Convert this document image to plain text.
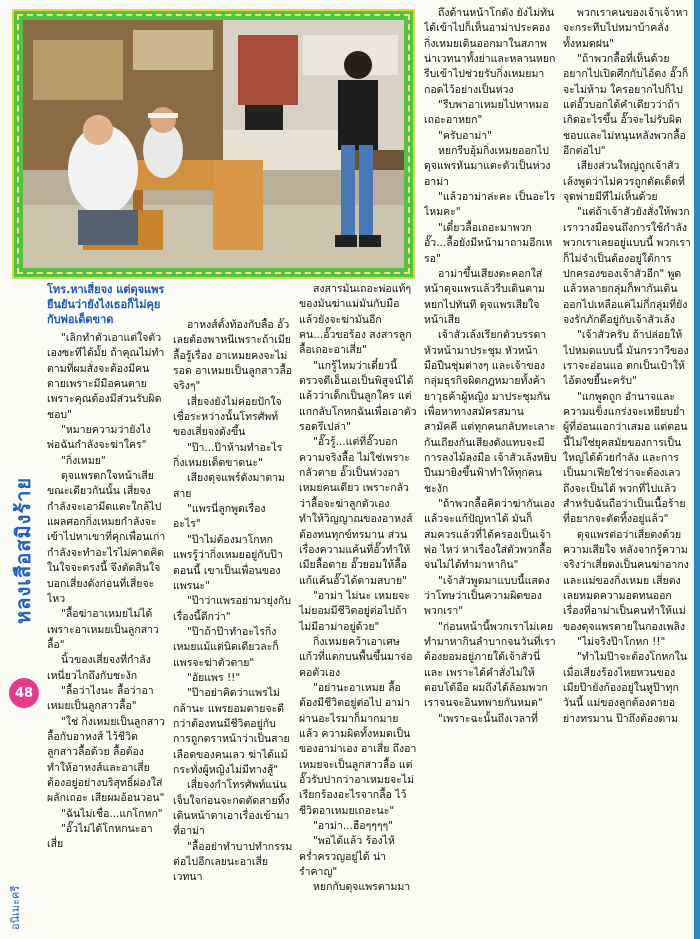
หลงเสือสมิงร้าย
48
อนิเมะครี
โทร.หาเสี่ยจง แต่ดุจแพรยืนยันว่ายังไงเธอก็ไม่คุยกับพ่อเด็ดขาด

"เลิกทำตัวเอาแต่ใจตัวเองซะทีได้มั้ย ถ้าคุณไม่ทำตามที่ผมสั่งจะต้องมีคนตายเพราะมีมือคนตายเพราะคุณต้องมีส่วนรับผิดชอบ"

"หมายความว่ายังไง พ่อฉันกำลังจะฆ่าใคร"

"กิ่งเหมย"

ดุจแพรตกใจหน้าเสียขณะเดียวกันนั้น เสี่ยจงกำลังจะเอามีดแตะใกล้ไปแผลศอกกิ่งเหมยกำลังจะเข้าไปหาเขาที่คุกเพื่อนเก่า กำลังจะทำอะไรไม่คาดคิด ในใจจะตรงนี้ จึงตัดสินใจ บอกเสี่ยงดังก่อนที่เสี่ยจะไหว

"ลื้อฆ่าอาเหมยไม่ได้เพราะอาเหมยเป็นลูกสาวลื้อ"

นิ้วของเสี่ยจงที่กำลังเหนี่ยวไกถึงกับชะงัก

"ลื้อว่าไงนะ ลื้อว่าอาเหมยเป็นลูกสาวลื้อ"

"ใช่ กิ่งเหมยเป็นลูกสาวลื้อกับอาหงส์ ไว้ชีวิตลูกสาวลื้อด้วย ลื้อต้องทำให้อาหงส์และอาเสี่ยต้องอยู่อย่างบริสุทธิ์ผ่องใส่ผลักเถอะ เสียผมอ้อนวอน"

"ฉันไม่เชื่อ...แกโกหก"

"อั๊วไม่ได้โกหกนะอาเสี่ย

อาหงส์ตั้งท้องกับลื้อ อั๊วเลยต้องพาหนีเพราะถ้าเมียลื้อรู้เรื่อง อาเหมยคงจะไม่รอด อาเหมยเป็นลูกสาวลื้อจริงๆ"

เสี่ยจงยังไม่ค่อยปักใจเชื่อระหว่างนั้นโทรศัพท์ของเสี่ยจงดังขึ้น

"ป๊า...ป๊าห้ามทำอะไรกิ่งเหมยเด็ดขาดนะ"

เสียงดุจแพร์ดังมาตามสาย

"แพรนี่ลูกพูดเรื่องอะไร"

"ป๊าไม่ต้องมาโกหก แพรรู้ว่ากิ่งเหมยอยู่กับป๊าตอนนี้ เขาเป็นเพื่อนของแพรนะ"

"ป๊าว่าแพรอย่ามายุ่งกับเรื่องนี้ดีกว่า"

"ป๊าถ้าป๊าทำอะไรกิ่งเหมยแม้แต่นิดเดียวละก็ แพรจะฆ่าตัวตาย"

"อัยแพร !!"

"ป๊าอย่าคิดว่าแพรไม่กล้านะ แพรยอมตายจะดีกว่าต้องทนมีชีวิตอยู่กับการถูกตราหน้าว่าเป็นสายเลือดของคนเลว ฆ่าได้แม้กระทั่งผู้หญิงไม่มีทางสู้"

เสี่ยจงกำโทรศัพท์แน่นเจ็บใจก่อนจะกดตัดสายทิ้งเดินหน้าตาเอาเรื่องเข้ามาที่อาม่า

"ลื้ออย่าทำบาปทำกรรมต่อไปอีกเลยนะอาเสี่ย เวทนา

สงสารมันเถอะพ่อแท้ๆของมันฆ่าแม่มันกับมือ แล้วยังจะฆ่ามันอีกคน...อั๊วขอร้อง สงสารลูกลื้อเถอะอาเสี่ย"

"แกรู้ไหมว่าเดี๋ยวนี้ตรวจดีเอ็นเอเป็นพิสูจน์ได้แล้วว่าเด็กเป็นลูกใคร แต่แกกลับโกหกฉันเพื่อเอาตัวรอดรึเปล่า"

"อั๊วรู้...แต่ที่อั๊วบอกความจริงลื้อ ไม่ใช่เพราะกลัวตาย อั๊วเป็นห่วงอาเหมยคนเดียว เพราะกลัวว่าลื้อจะฆ่าลูกตัวเอง ทำให้วิญญาณของอาหงส์ต้องทนทุกข์ทรมาน ส่วนเรื่องความแค้นที่อั๊วทำให้เมียลื้อตาย อั๊วยอมให้ลื้อแก้แค้นอั๊วได้ตามสบาย"

"อาม่า ไม่นะ เหมยจะไม่ยอมมีชีวิตอยู่ต่อไปถ้าไม่มีอาม่าอยู่ด้วย"

กิ่งเหมยคว้าเอาเศษแก้วที่แตกบนพื้นขึ้นมาจ่อคอตัวเอง

"อย่านะอาเหมย ลื้อต้องมีชีวิตอยู่ต่อไป อาม่าผ่านอะไรมาก็มากมายแล้ว ความผิดทั้งหมดเป็นของอาม่าเอง อาเสี่ย ถึงอาเหมยจะเป็นลูกสาวลื้อ แต่อั๊วรับปากว่าอาเหมยจะไม่เรียกร้องอะไรจากลื้อ ไว้ชีวิตอาเหมยเถอะนะ"

"อาม่า...ฮือๆๆๆๆ"

"พอได้แล้ว ร้องไห้คร่ำครวญอยู่ได้ น่ารำคาญ"

หยกกับดุจแพรตามมา

ถึงด้านหน้าโกดัง ยังไม่ทันได้เข้าไปก็เห็นอาม่าประคองกิ่งเหมยเดินออกมาในสภาพน่าเวทนาทั้งย่าและหลานหยกรีบเข้าไปช่วยรับกิ่งเหมยมากอดไว้อย่างเป็นห่วง

"รีบพาอาเหมยไปหาหมอเถอะอาหยก"

"ครับอาม่า"

หยกรีบอุ้มกิ่งเหมยออกไป ดุจแพรหันมาแตะตัวเป็นห่วงอาม่า

"แล้วอาม่าล่ะคะ เป็นอะไรไหมคะ"

"เดี๋ยวลื้อเถอะมาพวกอั๊ว...ลื้อยังมีหน้ามาถามอีกเหรอ"

อาม่าขึ้นเสียงตะคอกใส่หน้าดุจแพรแล้วรีบเดินตามหยกไปทันที ดุจแพรเสียใจหน้าเสีย

เจ้าสัวเล้งเรียกตัวบรรดาหัวหน้ามาประชุม หัวหน้ามือปืนชุ่มต่างๆ และเจ้าของกลุ่มธุรกิจผิดกฎหมายทั้งค้ายาวุธค้าผู้หญิง มาประชุมกันเพื่อหาทางสมัครสมานสามัคคี แต่ทุกคนกลับทะเลาะกันเถียงกันเสียงดังแทบจะมีการลงไม้ลงมือ เจ้าสัวเล้งหยิบปืนมายิงขึ้นฟ้าทำให้ทุกคนชะงัก

"ถ้าพวกลื้อคิดว่าฆ่ากันเองแล้วจะแก้ปัญหาได้ มันก็สมควรแล้วที่ได้ครองเป็นเจ้าพ่อ ไหว่ หาเรื่องใส่ตัวพวกลื้อจนไม่ได้ทำมาหากิน"

"เจ้าสัวพูดมาแบบนี้แสดงว่าโทษว่าเป็นความผิดของพวกเรา"

"ก่อนหน้านี้พวกเราไม่เคยทำมาหากินลำบากจนวันที่เราต้องยอมอยู่ภายใต้เจ้าสัวนี่และ เพราะได้คำสั่งไม่ให้ตอบโต้อือ ผมถึงได้ล้อมพวกเราจนจะอินทพายกันหมด"

"เพราะฉะนั้นถึงเวลาที่

พวกเราคนของเจ้าเจ้าหาจะกระทีบไปหมาบ้าคลั่งทั้งหมดฝน"

"ถ้าพวกลื้อที่เห็นด้วยอยากไปเปิดศึกกับไอ้ตง อั๊วก็จะไม่ห้าม ใครอยากไปก็ไปแต่อั๊วบอกได้คำเดียวว่าถ้าเกิดอะไรขึ้น อั๊วจะไม่รับผิดชอบและไม่หนุนหลังพวกลื้ออีกต่อไป"

เสียงส่วนใหญ่ถูกเจ้าสัวเล้งพูดว่าไม่ควรถูกตัดเด็ดที่จุดพ่ายมีทีไม่เห็นด้วย

"แต่ถ้าเจ้าสัวยังสั่งให้พวกเราวางมือจนถึงการใช้กำลังพวกเราเลยอยู่แบบนี้ พวกเรา ก็ไม่จำเป็นต้องอยู่ใต้การปกครองของเจ้าสัวอีก" พูดแล้วหลายกลุ่มก็พากันเดินออกไปเหลือแค่ไม่กี่กลุ่มที่ยังจงรักภักดีอยู่กับเจ้าสัวเล้ง

"เจ้าสัวครับ ถ้าปล่อยให้ไปหมดแบบนี้ มันกรวาวีของเราจะอ่อนแอ ตกเป็นเป้าให้ไอ้ตงขยี้นะครับ"

"แกพูดถูก อำนาจและความแข็งแกร่งจะเหยียบย่ำผู้ที่อ่อนแอกว่าเสมอ แต่ตอนนี้ไม่ใช่ยุคสมัยของการเป็นใหญ่ได้ด้วยกำลัง และการเป็นมาเฟียใช่ว่าจะต้องเลวถึงจะเป็นได้ พวกที่ไปแล้วสำหรับฉันถือว่าเป็นเนื้อร้ายที่อยากจะตัดทิ้งอยู่แล้ว"

ดุจแพรต่อว่าเสี่ยตงด้วยความเสียใจ หลังจากรู้ความจริงว่าเสี่ยตงเป็นคนฆ่าอากงและแม่ของกิ่งเหมย เสี่ยตงเลยหมดความอดทนออกเรื่องที่อาม่าเป็นคนทำให้แม่ของดุจแพรตายในกองเพลิง

"ไม่จริงป๊าโกหก !!"

"ทำไมป๊าจะต้องโกหกในเมื่อเสียงร้องไหยหวนของเมียป๊ายังก้องอยู่ในหูป๊าทุกวันนี้ แม่ของลูกต้องตายอย่างทรมาน ป๊าถึงต้องตาม
